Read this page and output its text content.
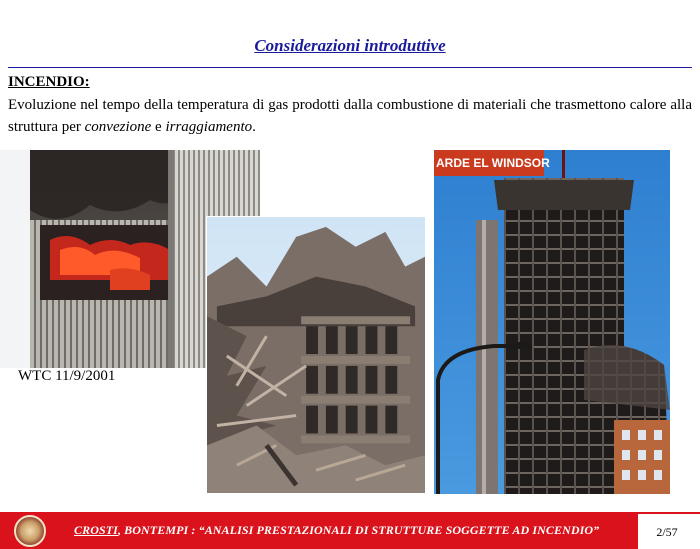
Considerazioni introduttive
INCENDIO:
Evoluzione nel tempo della temperatura di gas prodotti dalla combustione di materiali che trasmettono calore alla struttura per convezione e irraggiamento.
WTC 11/9/2001
ARDE EL WINDSOR
CROSTI, BONTEMPI : “ANALISI PRESTAZIONALI DI STRUTTURE SOGGETTE AD INCENDIO”	2/57
